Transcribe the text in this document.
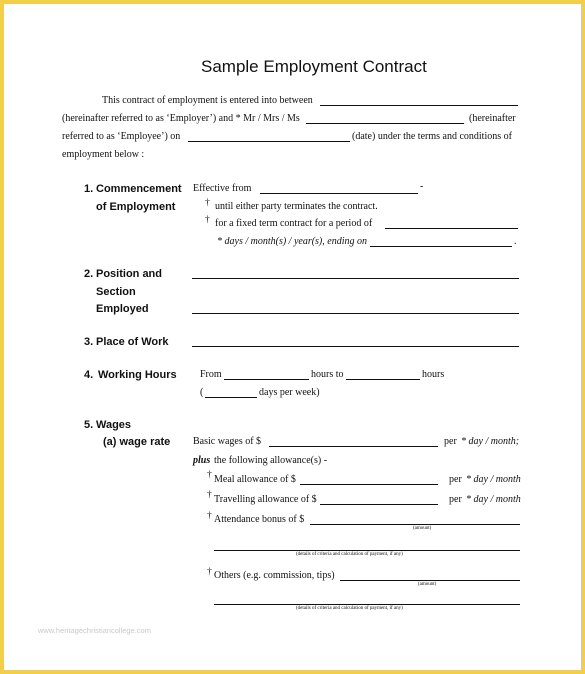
Sample Employment Contract
This contract of employment is entered into between
(hereinafter referred to as ‘Employer’) and * Mr / Mrs / Ms	(hereinafter
referred to as ‘Employee’) on	(date) under the terms and conditions of
employment below :
1. Commencement
of Employment
Effective from	-
† until either party terminates the contract.
† for a fixed term contract for a period of
* days / month(s) / year(s), ending on	.
2. Position and
Section
Employed
3. Place of Work
4. Working Hours From	hours to	hours
(	days per week)
5. Wages
(a) wage rate Basic wages of $	per * day / month;
plus the following allowance(s) -
† Meal allowance of $	per * day / month
† Travelling allowance of $	per * day / month
† Attendance bonus of $
(amount)
(details of criteria and calculation of payment, if any)
† Others (e.g. commission, tips)
(amount)
(details of criteria and calculation of payment, if any)
www.heritagechristiancollege.com
